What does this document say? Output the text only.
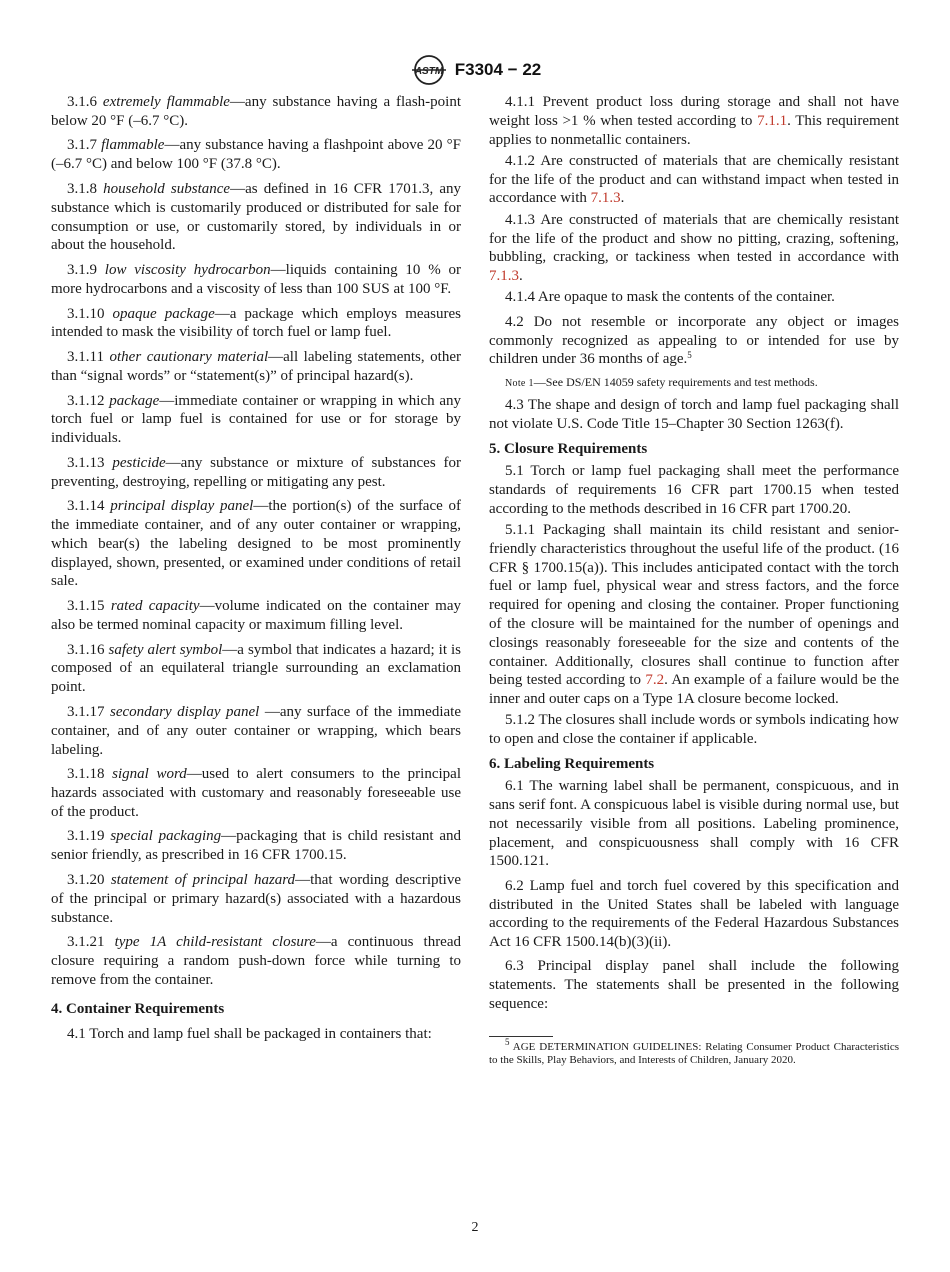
ASTM F3304 − 22

3.1.6 extremely flammable—any substance having a flash-point below 20 °F (–6.7 °C).

3.1.7 flammable—any substance having a flashpoint above 20 °F (–6.7 °C) and below 100 °F (37.8 °C).

3.1.8 household substance—as defined in 16 CFR 1701.3, any substance which is customarily produced or distributed for sale for consumption or use, or customarily stored, by individuals in or about the household.

3.1.9 low viscosity hydrocarbon—liquids containing 10 % or more hydrocarbons and a viscosity of less than 100 SUS at 100 °F.

3.1.10 opaque package—a package which employs measures intended to mask the visibility of torch fuel or lamp fuel.

3.1.11 other cautionary material—all labeling statements, other than “signal words” or “statement(s)” of principal hazard(s).

3.1.12 package—immediate container or wrapping in which any torch fuel or lamp fuel is contained for use or for storage by individuals.

3.1.13 pesticide—any substance or mixture of substances for preventing, destroying, repelling or mitigating any pest.

3.1.14 principal display panel—the portion(s) of the surface of the immediate container, and of any outer container or wrapping, which bear(s) the labeling designed to be most prominently displayed, shown, presented, or examined under conditions of retail sale.

3.1.15 rated capacity—volume indicated on the container may also be termed nominal capacity or maximum filling level.

3.1.16 safety alert symbol—a symbol that indicates a hazard; it is composed of an equilateral triangle surrounding an exclamation point.

3.1.17 secondary display panel —any surface of the immediate container, and of any outer container or wrapping, which bears labeling.

3.1.18 signal word—used to alert consumers to the principal hazards associated with customary and reasonably foreseeable use of the product.

3.1.19 special packaging—packaging that is child resistant and senior friendly, as prescribed in 16 CFR 1700.15.

3.1.20 statement of principal hazard—that wording descriptive of the principal or primary hazard(s) associated with a hazardous substance.

3.1.21 type 1A child-resistant closure—a continuous thread closure requiring a random push-down force while turning to remove from the container.

4. Container Requirements

4.1 Torch and lamp fuel shall be packaged in containers that:

4.1.1 Prevent product loss during storage and shall not have weight loss >1 % when tested according to 7.1.1. This requirement applies to nonmetallic containers.

4.1.2 Are constructed of materials that are chemically resistant for the life of the product and can withstand impact when tested in accordance with 7.1.3.

4.1.3 Are constructed of materials that are chemically resistant for the life of the product and show no pitting, crazing, softening, bubbling, cracking, or tackiness when tested in accordance with 7.1.3.

4.1.4 Are opaque to mask the contents of the container.

4.2 Do not resemble or incorporate any object or images commonly recognized as appealing to or intended for use by children under 36 months of age.$^5$

Note 1—See DS/EN 14059 safety requirements and test methods.

4.3 The shape and design of torch and lamp fuel packaging shall not violate U.S. Code Title 15–Chapter 30 Section 1263(f).

5. Closure Requirements

5.1 Torch or lamp fuel packaging shall meet the performance standards of requirements 16 CFR part 1700.15 when tested according to the methods described in 16 CFR part 1700.20.

5.1.1 Packaging shall maintain its child resistant and senior-friendly characteristics throughout the useful life of the product. (16 CFR § 1700.15(a)). This includes anticipated contact with the torch fuel or lamp fuel, physical wear and stress factors, and the force required for opening and closing the container. Proper functioning of the closure will be maintained for the number of openings and closings reasonably foreseeable for the size and contents of the container. Additionally, closures shall continue to function after being tested according to 7.2. An example of a failure would be the inner and outer caps on a Type 1A closure become locked.

5.1.2 The closures shall include words or symbols indicating how to open and close the container if applicable.

6. Labeling Requirements

6.1 The warning label shall be permanent, conspicuous, and in sans serif font. A conspicuous label is visible during normal use, but not necessarily visible from all positions. Labeling prominence, placement, and conspicuousness shall comply with 16 CFR 1500.121.

6.2 Lamp fuel and torch fuel covered by this specification and distributed in the United States shall be labeled with language according to the requirements of the Federal Hazardous Substances Act 16 CFR 1500.14(b)(3)(ii).

6.3 Principal display panel shall include the following statements. The statements shall be presented in the following sequence:

$^5$ AGE DETERMINATION GUIDELINES: Relating Consumer Product Characteristics to the Skills, Play Behaviors, and Interests of Children, January 2020.
2
